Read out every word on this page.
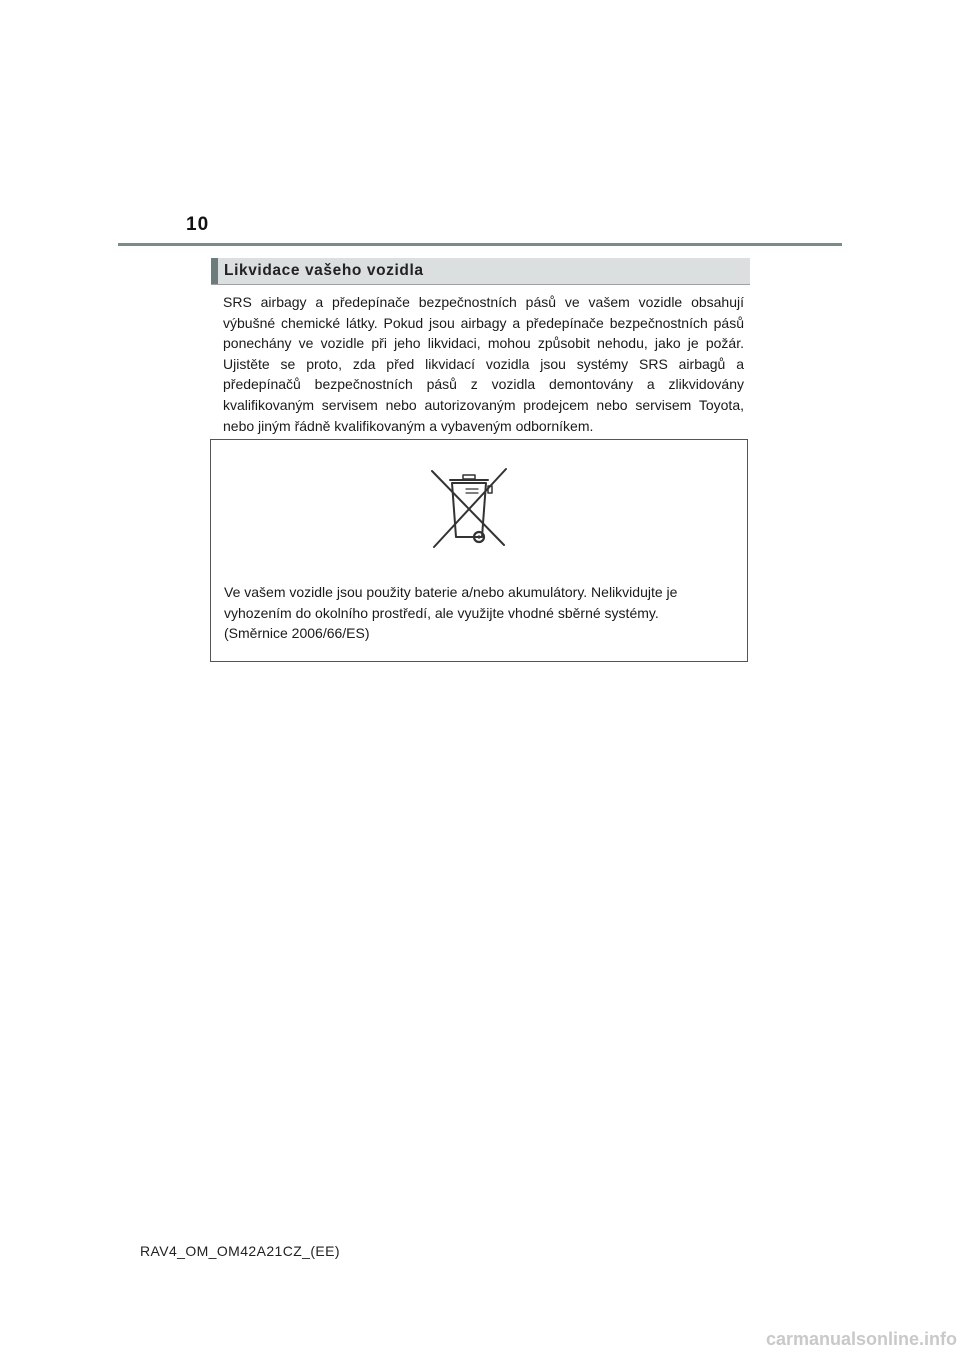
10
Likvidace vašeho vozidla
SRS airbagy a předepínače bezpečnostních pásů ve vašem vozidle obsahují výbušné chemické látky. Pokud jsou airbagy a předepínače bezpečnostních pásů ponechány ve vozidle při jeho likvidaci, mohou způsobit nehodu, jako je požár. Ujistěte se proto, zda před likvidací vozidla jsou systémy SRS airbagů a předepínačů bezpečnostních pásů z vozidla demontovány a zlikvidovány kvalifikovaným servisem nebo autorizovaným prodejcem nebo servisem Toyota, nebo jiným řádně kvalifikovaným a vybaveným odborníkem.
Ve vašem vozidle jsou použity baterie a/nebo akumulátory. Nelikvidujte je
vyhozením do okolního prostředí, ale využijte vhodné sběrné systémy.
(Směrnice 2006/66/ES)
RAV4_OM_OM42A21CZ_(EE)
carmanualsonline.info
